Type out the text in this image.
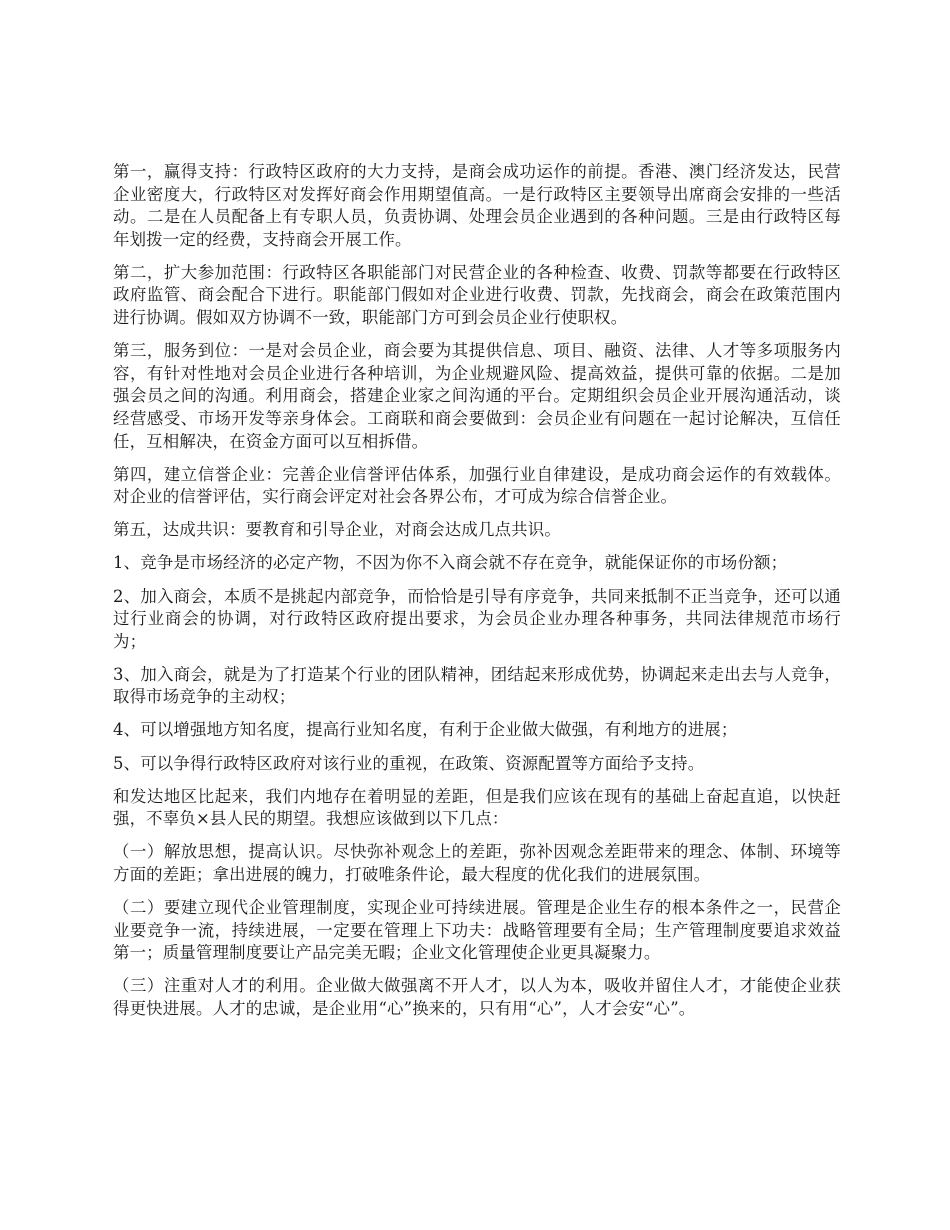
第一，赢得支持：行政特区政府的大力支持，是商会成功运作的前提。香港、澳门经济发达，民营企业密度大，行政特区对发挥好商会作用期望值高。一是行政特区主要领导出席商会安排的一些活动。二是在人员配备上有专职人员，负责协调、处理会员企业遇到的各种问题。三是由行政特区每年划拨一定的经费，支持商会开展工作。

第二，扩大参加范围：行政特区各职能部门对民营企业的各种检查、收费、罚款等都要在行政特区政府监管、商会配合下进行。职能部门假如对企业进行收费、罚款，先找商会，商会在政策范围内进行协调。假如双方协调不一致，职能部门方可到会员企业行使职权。

第三，服务到位：一是对会员企业，商会要为其提供信息、项目、融资、法律、人才等多项服务内容，有针对性地对会员企业进行各种培训，为企业规避风险、提高效益，提供可靠的依据。二是加强会员之间的沟通。利用商会，搭建企业家之间沟通的平台。定期组织会员企业开展沟通活动，谈经营感受、市场开发等亲身体会。工商联和商会要做到：会员企业有问题在一起讨论解决，互信任任，互相解决，在资金方面可以互相拆借。

第四，建立信誉企业：完善企业信誉评估体系，加强行业自律建设，是成功商会运作的有效载体。对企业的信誉评估，实行商会评定对社会各界公布，才可成为综合信誉企业。

第五，达成共识：要教育和引导企业，对商会达成几点共识。

1、竞争是市场经济的必定产物，不因为你不入商会就不存在竞争，就能保证你的市场份额；

2、加入商会，本质不是挑起内部竞争，而恰恰是引导有序竞争，共同来抵制不正当竞争，还可以通过行业商会的协调，对行政特区政府提出要求，为会员企业办理各种事务，共同法律规范市场行为；

3、加入商会，就是为了打造某个行业的团队精神，团结起来形成优势，协调起来走出去与人竞争，取得市场竞争的主动权；

4、可以增强地方知名度，提高行业知名度，有利于企业做大做强，有利地方的进展；

5、可以争得行政特区政府对该行业的重视，在政策、资源配置等方面给予支持。

和发达地区比起来，我们内地存在着明显的差距，但是我们应该在现有的基础上奋起直追，以快赶强，不辜负×县人民的期望。我想应该做到以下几点：

（一）解放思想，提高认识。尽快弥补观念上的差距，弥补因观念差距带来的理念、体制、环境等方面的差距；拿出进展的魄力，打破唯条件论，最大程度的优化我们的进展氛围。

（二）要建立现代企业管理制度，实现企业可持续进展。管理是企业生存的根本条件之一，民营企业要竞争一流，持续进展，一定要在管理上下功夫：战略管理要有全局；生产管理制度要追求效益第一；质量管理制度要让产品完美无暇；企业文化管理使企业更具凝聚力。

（三）注重对人才的利用。企业做大做强离不开人才，以人为本，吸收并留住人才，才能使企业获得更快进展。人才的忠诚，是企业用“心”换来的，只有用“心”，人才会安“心”。
